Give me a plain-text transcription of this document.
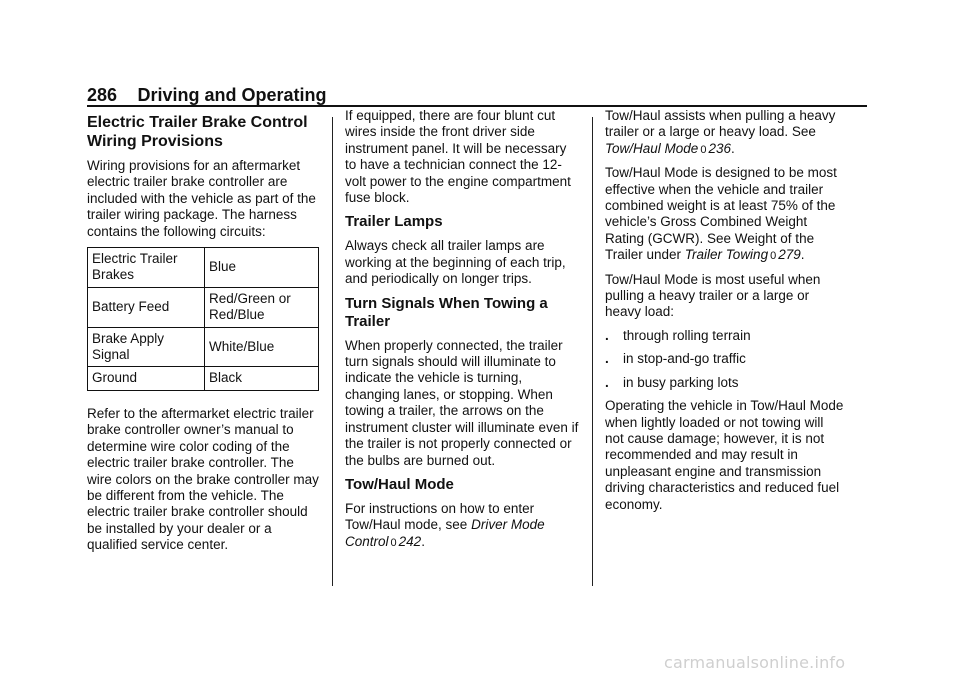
286 Driving and Operating
Electric Trailer Brake Control Wiring Provisions

Wiring provisions for an aftermarket electric trailer brake controller are included with the vehicle as part of the trailer wiring package. The harness contains the following circuits:

Electric Trailer Brakes	Blue
Battery Feed	Red/Green or Red/Blue
Brake Apply Signal	White/Blue
Ground	Black

Refer to the aftermarket electric trailer brake controller owner’s manual to determine wire color coding of the electric trailer brake controller. The wire colors on the brake controller may be different from the vehicle. The electric trailer brake controller should be installed by your dealer or a qualified service center.

If equipped, there are four blunt cut wires inside the front driver side instrument panel. It will be necessary to have a technician connect the 12-volt power to the engine compartment fuse block.

Trailer Lamps

Always check all trailer lamps are working at the beginning of each trip, and periodically on longer trips.

Turn Signals When Towing a Trailer

When properly connected, the trailer turn signals should will illuminate to indicate the vehicle is turning, changing lanes, or stopping. When towing a trailer, the arrows on the instrument cluster will illuminate even if the trailer is not properly connected or the bulbs are burned out.

Tow/Haul Mode

For instructions on how to enter Tow/Haul mode, see Driver Mode Control 0 242.

Tow/Haul assists when pulling a heavy trailer or a large or heavy load. See Tow/Haul Mode 0 236.

Tow/Haul Mode is designed to be most effective when the vehicle and trailer combined weight is at least 75% of the vehicle’s Gross Combined Weight Rating (GCWR). See Weight of the Trailer under Trailer Towing 0 279.

Tow/Haul Mode is most useful when pulling a heavy trailer or a large or heavy load:

.	through rolling terrain
.	in stop-and-go traffic
.	in busy parking lots

Operating the vehicle in Tow/Haul Mode when lightly loaded or not towing will not cause damage; however, it is not recommended and may result in unpleasant engine and transmission driving characteristics and reduced fuel economy.

carmanualsonline.info
